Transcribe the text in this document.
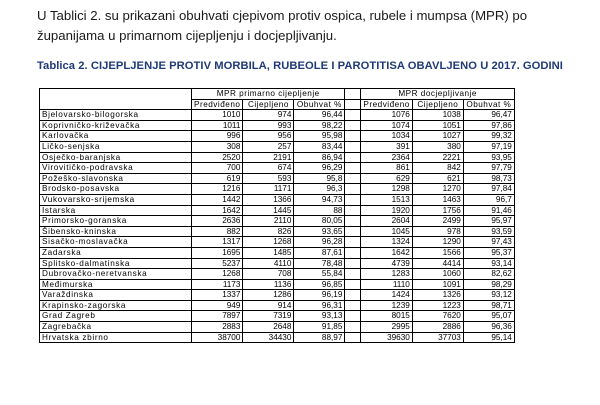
U Tablici 2. su prikazani obuhvati cjepivom protiv ospica, rubele i mumpsa (MPR) po županijama u primarnom cijepljenju i docjepljivanju.
Tablica 2. CIJEPLJENJE PROTIV MORBILA, RUBEOLE I PAROTITISA OBAVLJENO U 2017. GODINI
	MPR primarno cijepljenje				MPR docjepljivanje		
	Predviđeno	Cijepljeno	Obuhvat %		Predviđeno	Cijepljeno	Obuhvat %
Bjelovarsko-bilogorska	1010	974	96,44		1076	1038	96,47
Koprivničko-križevačka	1011	993	98,22		1074	1051	97,86
Karlovačka	996	956	95,98		1034	1027	99,32
Ličko-senjska	308	257	83,44		391	380	97,19
Osječko-baranjska	2520	2191	86,94		2364	2221	93,95
Virovitičko-podravska	700	674	96,29		861	842	97,79
Požeško-slavonska	619	593	95,8		629	621	98,73
Brodsko-posavska	1216	1171	96,3		1298	1270	97,84
Vukovarsko-srijemska	1442	1366	94,73		1513	1463	96,7
Istarska	1642	1445	88		1920	1756	91,46
Primorsko-goranska	2636	2110	80,05		2604	2499	95,97
Šibensko-kninska	882	826	93,65		1045	978	93,59
Sisačko-moslavačka	1317	1268	96,28		1324	1290	97,43
Zadarska	1695	1485	87,61		1642	1566	95,37
Splitsko-dalmatinska	5237	4110	78,48		4739	4414	93,14
Dubrovačko-neretvanska	1268	708	55,84		1283	1060	82,62
Međimurska	1173	1136	96,85		1110	1091	98,29
Varaždinska	1337	1286	96,19		1424	1326	93,12
Krapinsko-zagorska	949	914	96,31		1239	1223	98,71
Grad Zagreb	7897	7319	93,13		8015	7620	95,07
Zagrebačka	2883	2648	91,85		2995	2886	96,36
Hrvatska zbirno	38700	34430	88,97		39630	37703	95,14
